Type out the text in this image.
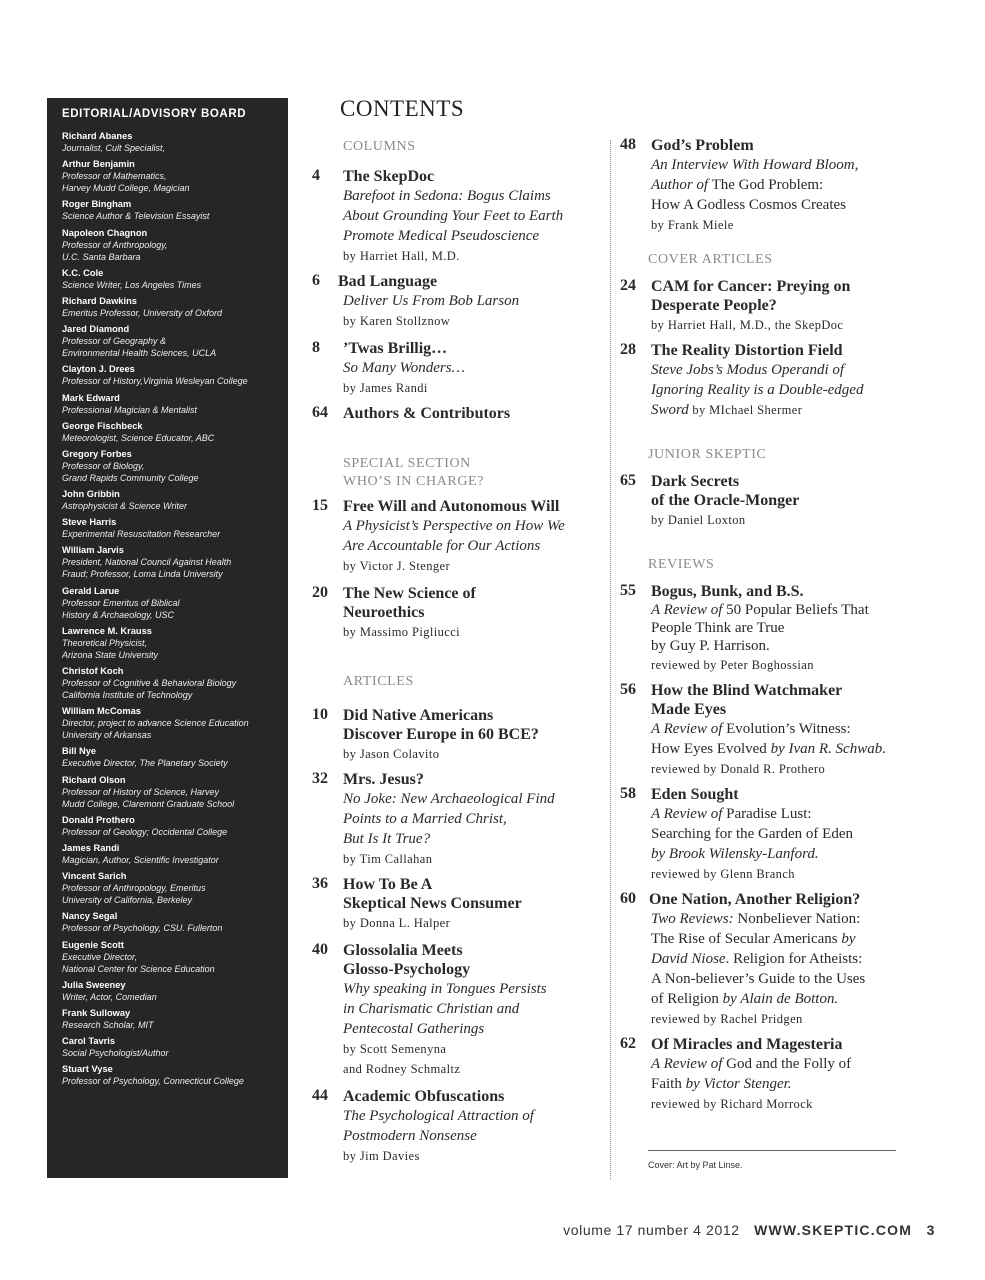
EDITORIAL/ADVISORY BOARD
Richard Abanes
Journalist, Cult Specialist,
Arthur Benjamin
Professor of Mathematics,
Harvey Mudd College, Magician
Roger Bingham
Science Author & Television Essayist
Napoleon Chagnon
Professor of Anthropology,
U.C. Santa Barbara
K.C. Cole
Science Writer, Los Angeles Times
Richard Dawkins
Emeritus Professor, University of Oxford
Jared Diamond
Professor of Geography &
Environmental Health Sciences, UCLA
Clayton J. Drees
Professor of History,Virginia Wesleyan College
Mark Edward
Professional Magician & Mentalist
George Fischbeck
Meteorologist, Science Educator, ABC
Gregory Forbes
Professor of Biology,
Grand Rapids Community College
John Gribbin
Astrophysicist & Science Writer
Steve Harris
Experimental Resuscitation Researcher
William Jarvis
President, National Council Against Health
Fraud; Professor, Loma Linda University
Gerald Larue
Professor Emeritus of Biblical
History & Archaeology, USC
Lawrence M. Krauss
Theoretical Physicist,
Arizona State University
Christof Koch
Professor of Cognitive & Behavioral Biology
California Institute of Technology
William McComas
Director, project to advance Science Education
University of Arkansas
Bill Nye
Executive Director, The Planetary Society
Richard Olson
Professor of History of Science, Harvey
Mudd College, Claremont Graduate School
Donald Prothero
Professor of Geology; Occidental College
James Randi
Magician, Author, Scientific Investigator
Vincent Sarich
Professor of Anthropology, Emeritus
University of California, Berkeley
Nancy Segal
Professor of Psychology, CSU. Fullerton
Eugenie Scott
Executive Director,
National Center for Science Education
Julia Sweeney
Writer, Actor, Comedian
Frank Sulloway
Research Scholar, MIT
Carol Tavris
Social Psychologist/Author
Stuart Vyse
Professor of Psychology, Connecticut College
CONTENTS
COLUMNS
4 The SkepDoc
Barefoot in Sedona: Bogus Claims
About Grounding Your Feet to Earth
Promote Medical Pseudoscience
by Harriet Hall, M.D.
6 Bad Language
Deliver Us From Bob Larson
by Karen Stollznow
8 ’Twas Brillig…
So Many Wonders…
by James Randi
64 Authors & Contributors
SPECIAL SECTION
WHO’S IN CHARGE?
15 Free Will and Autonomous Will
A Physicist’s Perspective on How We
Are Accountable for Our Actions
by Victor J. Stenger
20 The New Science of
Neuroethics
by Massimo Pigliucci
ARTICLES
10 Did Native Americans
Discover Europe in 60 BCE?
by Jason Colavito
32 Mrs. Jesus?
No Joke: New Archaeological Find
Points to a Married Christ,
But Is It True?
by Tim Callahan
36 How To Be A
Skeptical News Consumer
by Donna L. Halper
40 Glossolalia Meets
Glosso-Psychology
Why speaking in Tongues Persists
in Charismatic Christian and
Pentecostal Gatherings
by Scott Semenyna
and Rodney Schmaltz
44 Academic Obfuscations
The Psychological Attraction of
Postmodern Nonsense
by Jim Davies
48 God’s Problem
An Interview With Howard Bloom,
Author of The God Problem:
How A Godless Cosmos Creates
by Frank Miele
COVER ARTICLES
24 CAM for Cancer: Preying on
Desperate People?
by Harriet Hall, M.D., the SkepDoc
28 The Reality Distortion Field
Steve Jobs’s Modus Operandi of
Ignoring Reality is a Double-edged
Sword by MIchael Shermer
JUNIOR SKEPTIC
65 Dark Secrets
of the Oracle-Monger
by Daniel Loxton
REVIEWS
55 Bogus, Bunk, and B.S.
A Review of 50 Popular Beliefs That
People Think are True
by Guy P. Harrison.
reviewed by Peter Boghossian
56 How the Blind Watchmaker
Made Eyes
A Review of Evolution’s Witness:
How Eyes Evolved by Ivan R. Schwab.
reviewed by Donald R. Prothero
58 Eden Sought
A Review of Paradise Lust:
Searching for the Garden of Eden
by Brook Wilensky-Lanford.
reviewed by Glenn Branch
60 One Nation, Another Religion?
Two Reviews: Nonbeliever Nation:
The Rise of Secular Americans by
David Niose. Religion for Atheists:
A Non-believer’s Guide to the Uses
of Religion by Alain de Botton.
reviewed by Rachel Pridgen
62 Of Miracles and Magesteria
A Review of God and the Folly of
Faith by Victor Stenger.
reviewed by Richard Morrock
Cover: Art by Pat Linse.
volume 17 number 4 2012 WWW.SKEPTIC.COM 3
